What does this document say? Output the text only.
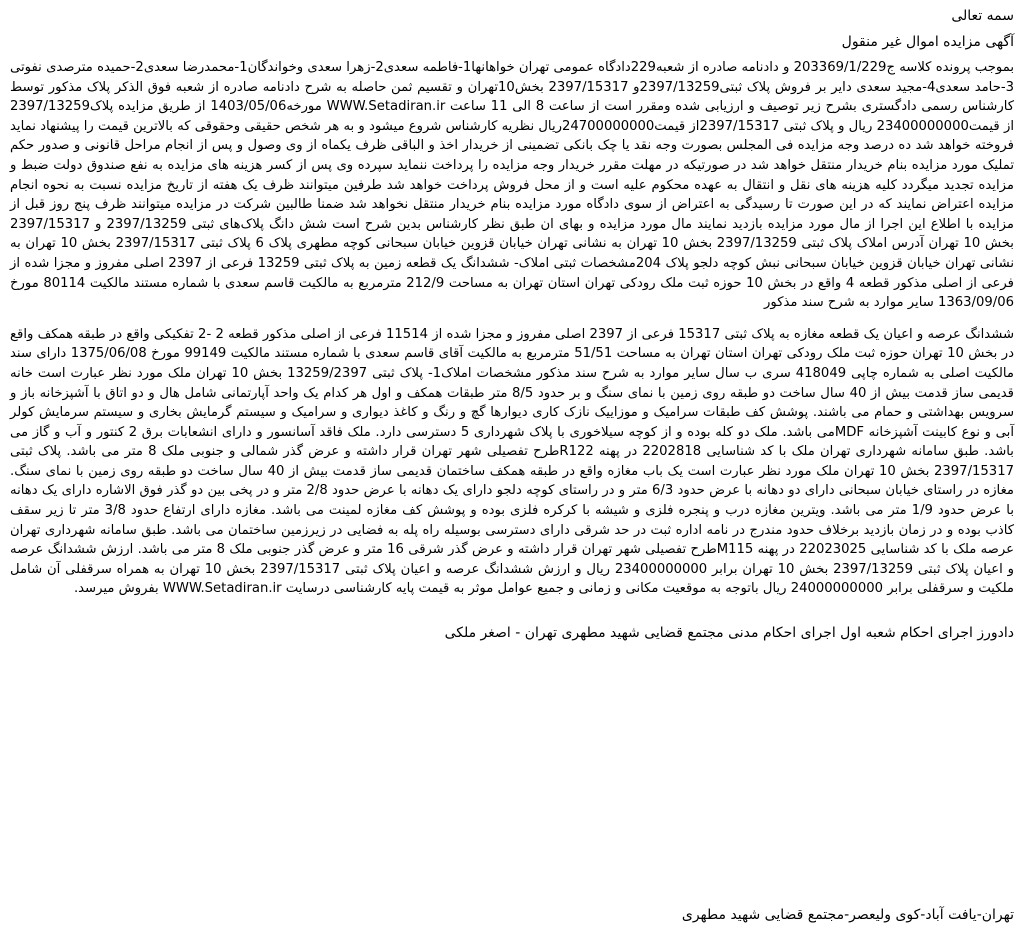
سمه تعالی
آگهی مزایده اموال غیر منقول

بموجب پرونده کلاسه ج203369/1/229 و دادنامه صادره از شعبه229دادگاه عمومی تهران خواهانها1-فاطمه سعدی2-زهرا سعدی وخواندگان1-محمدرضا سعدی2-حمیده مترصدی نفوتی 3-حامد سعدی4-مجید سعدی دایر بر فروش پلاک ثبتی2397/13259و 2397/15317 بخش10تهران و تقسیم ثمن حاصله به شرح دادنامه صادره از شعبه فوق الذکر پلاک مذکور توسط کارشناس رسمی دادگستری بشرح زیر توصیف و ارزیابی شده ومقرر است از ساعت 8 الی 11 ساعت WWW.Setadiran.ir مورخه1403/05/06 از طریق مزایده پلاک2397/13259 از قیمت23400000000 ریال و پلاک ثبتی 2397/15317از قیمت24700000000ریال نظریه کارشناس شروع میشود و به هر شخص حقیقی وحقوقی که بالاترین قیمت را پیشنهاد نماید فروخته خواهد شد ده درصد وجه مزایده فی المجلس بصورت وجه نقد یا چک بانکی تضمینی از خریدار اخذ و الباقی ظرف یکماه از وی وصول و پس از انجام مراحل قانونی و صدور حکم تملیک مورد مزایده بنام خریدار منتقل خواهد شد در صورتیکه در مهلت مقرر خریدار وجه مزایده را پرداخت ننماید سپرده وی پس از کسر هزینه های مزایده به نفع صندوق دولت ضبط و مزایده تجدید میگردد کلیه هزینه های نقل و انتقال به عهده محکوم علیه است و از محل فروش پرداخت خواهد شد طرفین میتوانند ظرف یک هفته از تاریخ مزایده نسبت به نحوه انجام مزایده اعتراض نمایند که در این صورت تا رسیدگی به اعتراض از سوی دادگاه مورد مزایده بنام خریدار منتقل نخواهد شد ضمنا طالبین شرکت در مزایده میتوانند ظرف پنج روز قبل از مزایده با اطلاع این اجرا از مال مورد مزایده بازدید نمایند مال مورد مزایده و بهای ان طبق نظر کارشناس بدین شرح است شش دانگ پلاک‌های ثبتی 2397/13259 و 2397/15317 بخش 10 تهران آدرس املاک پلاک ثبتی 2397/13259 بخش 10 تهران به نشانی تهران خیابان قزوین خیابان سبحانی کوچه مطهری پلاک 6 پلاک ثبتی 2397/15317 بخش 10 تهران به نشانی تهران خیابان قزوین خیابان سبحانی نبش کوچه دلجو پلاک 204مشخصات ثبتی املاک- ششدانگ یک قطعه زمین به پلاک ثبتی 13259 فرعی از 2397 اصلی مفروز و مجزا شده از فرعی از اصلی مذکور قطعه 4 واقع در بخش 10 حوزه ثبت ملک رودکی تهران استان تهران به مساحت 212/9 مترمربع به مالکیت قاسم سعدی با شماره مستند مالکیت 80114 مورخ 1363/09/06 سایر موارد به شرح سند مذکور

ششدانگ عرصه و اعیان یک قطعه مغازه به پلاک ثبتی 15317 فرعی از 2397 اصلی مفروز و مجزا شده از 11514 فرعی از اصلی مذکور قطعه 2 -2 تفکیکی واقع در طبقه همکف واقع در بخش 10 تهران حوزه ثبت ملک رودکی تهران استان تهران به مساحت 51/51 مترمربع به مالکیت آقای قاسم سعدی با شماره مستند مالکیت 99149 مورخ 1375/06/08 دارای سند مالکیت اصلی به شماره چاپی 418049 سری ب سال سایر موارد به شرح سند مذکور مشخصات املاک1- پلاک ثبتی 13259/2397 بخش 10 تهران ملک مورد نظر عبارت است خانه قدیمی ساز قدمت بیش از 40 سال ساخت دو طبقه روی زمین با نمای سنگ و بر حدود 8/5 متر طبقات همکف و اول هر کدام یک واحد آپارتمانی شامل هال و دو اتاق با آشپزخانه باز و سرویس بهداشتی و حمام می باشند. پوشش کف طبقات سرامیک و موزاییک نازک کاری دیوارها گچ و رنگ و کاغذ دیواری و سرامیک و سیستم گرمایش بخاری و سیستم سرمایش کولر آبی و نوع کابینت آشپزخانه MDFمی باشد. ملک دو کله بوده و از کوچه سیلاخوری با پلاک شهرداری 5 دسترسی دارد. ملک فاقد آسانسور و دارای انشعابات برق 2 کنتور و آب و گاز می باشد. طبق سامانه شهرداری تهران ملک با کد شناسایی 2202818 در پهنه R122طرح تفصیلی شهر تهران قرار داشته و عرض گذر شمالی و جنوبی ملک 8 متر می باشد. پلاک ثبتی 2397/15317 بخش 10 تهران ملک مورد نظر عبارت است یک باب مغازه واقع در طبقه همکف ساختمان قدیمی ساز قدمت بیش از 40 سال ساخت دو طبقه روی زمین با نمای سنگ. مغازه در راستای خیابان سبحانی دارای دو دهانه با عرض حدود 6/3 متر و در راستای کوچه دلجو دارای یک دهانه با عرض حدود 2/8 متر و در پخی بین دو گذر فوق الاشاره دارای یک دهانه با عرض حدود 1/9 متر می باشد. ویترین مغازه درب و پنجره فلزی و شیشه با کرکره فلزی بوده و پوشش کف مغازه لمینت می باشد. مغازه دارای ارتفاع حدود 3/8 متر تا زیر سقف کاذب بوده و در زمان بازدید برخلاف حدود مندرج در نامه اداره ثبت در حد شرقی دارای دسترسی بوسیله راه پله به فضایی در زیرزمین ساختمان می باشد. طبق سامانه شهرداری تهران عرصه ملک با کد شناسایی 22023025 در پهنه M115طرح تفصیلی شهر تهران قرار داشته و عرض گذر شرقی 16 متر و عرض گذر جنوبی ملک 8 متر می باشد. ارزش ششدانگ عرصه و اعیان پلاک ثبتی 2397/13259 بخش 10 تهران برابر 23400000000 ریال و ارزش ششدانگ عرصه و اعیان پلاک ثبتی 2397/15317 بخش 10 تهران به همراه سرقفلی آن شامل ملکیت و سرقفلی برابر 24000000000 ریال باتوجه به موقعیت مکانی و زمانی و جمیع عوامل موثر به قیمت پایه کارشناسی درسایت WWW.Setadiran.ir بفروش میرسد.

دادورز اجرای احکام شعبه اول اجرای احکام مدنی مجتمع قضایی شهید مطهری تهران - اصغر ملکی
تهران-یافت آباد-کوی ولیعصر-مجتمع قضایی شهید مطهری
